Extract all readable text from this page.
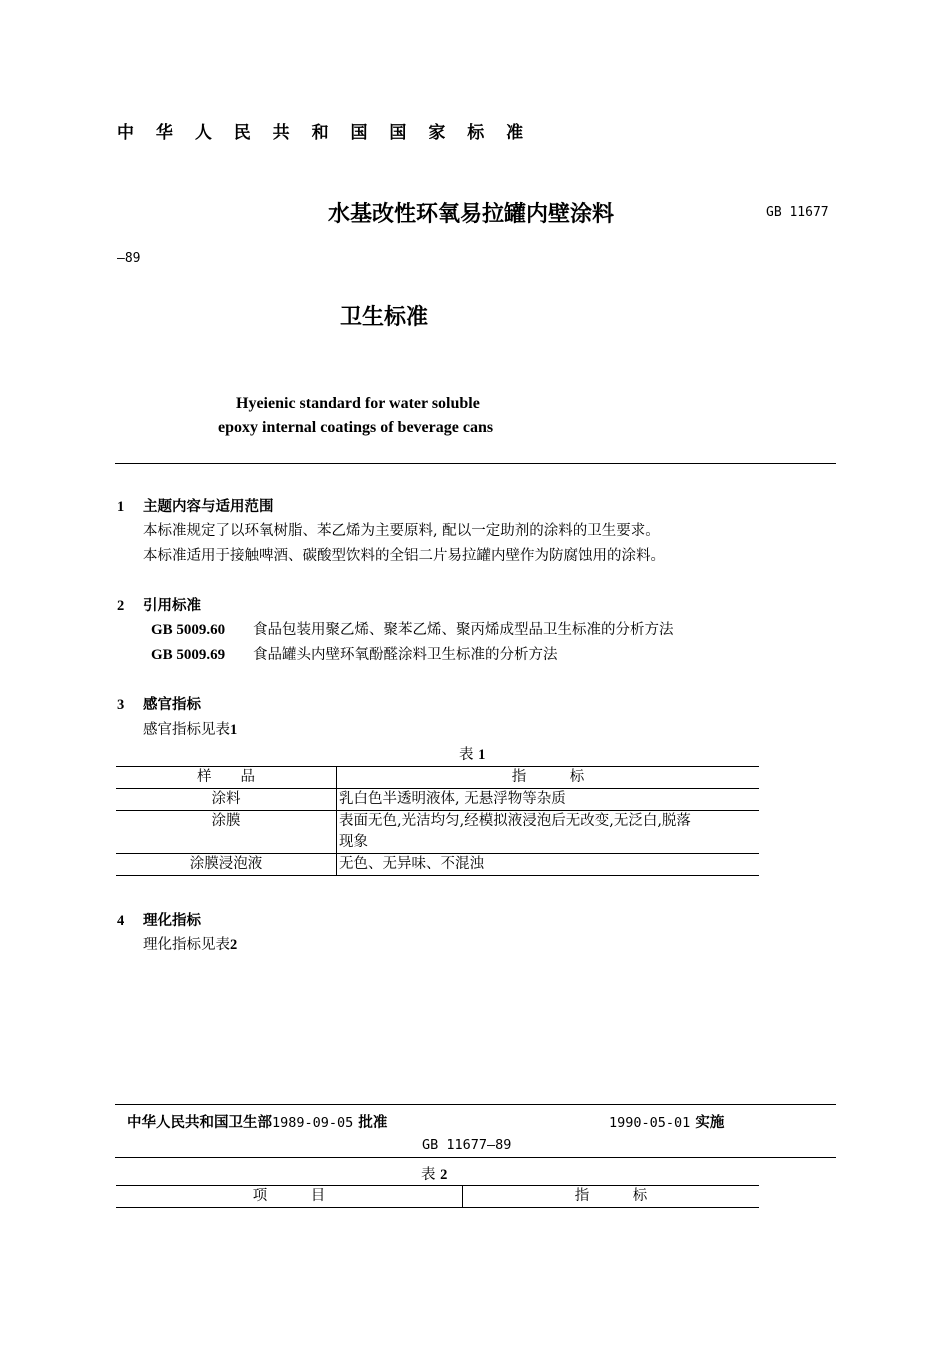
中 华 人 民 共 和 国 国 家 标 准
水基改性环氧易拉罐内壁涂料	GB 11677
—89
卫生标准
Hyeienic standard for water soluble
epoxy internal coatings of beverage cans
1 主题内容与适用范围
本标准规定了以环氧树脂、苯乙烯为主要原料, 配以一定助剂的涂料的卫生要求。
本标准适用于接触啤酒、碳酸型饮料的全铝二片易拉罐内壁作为防腐蚀用的涂料。
2 引用标准
GB 5009.60 食品包装用聚乙烯、聚苯乙烯、聚丙烯成型品卫生标准的分析方法
GB 5009.69 食品罐头内壁环氧酚醛涂料卫生标准的分析方法
3 感官指标
感官指标见表1
表 1
样　　品	指　　　标
涂料	乳白色半透明液体, 无悬浮物等杂质
涂膜	表面无色,光洁均匀,经模拟液浸泡后无改变,无泛白,脱落
现象

涂膜浸泡液	无色、无异味、不混浊
4 理化指标
理化指标见表2
中华人民共和国卫生部1989-09-05 批准	1990-05-01 实施
GB 11677—89
表 2
项　　　目	指　　　标
